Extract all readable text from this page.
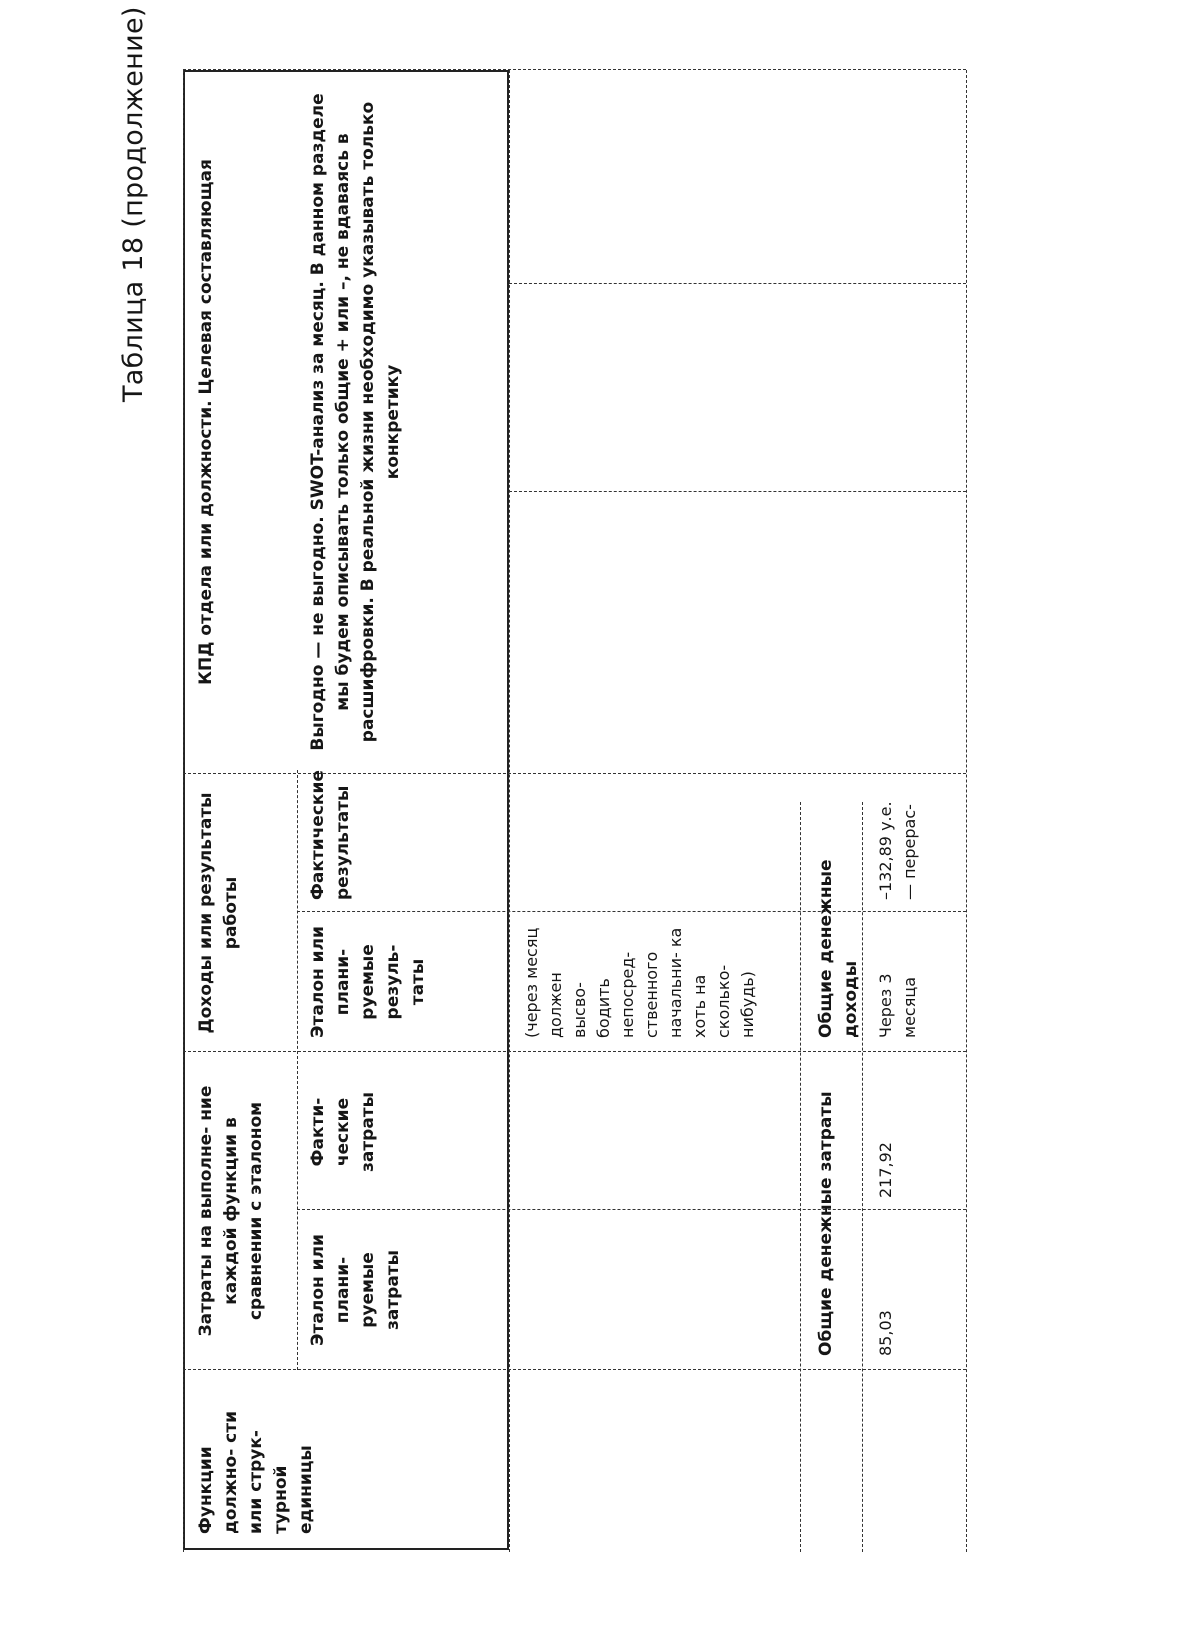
Таблица 18 (продолжение)
Функции должно- сти или струк- турной единицы
Затраты на выполне- ние каждой функции в сравнении с эталоном	Эталон или плани- руемые затраты
Факти- ческие затраты
Доходы или результаты работы
Эталон или плани- руемые резуль- таты
Фактические результаты
КПД отдела или должности. Целевая составляющая	Выгодно — не выгодно. SWOT-анализ за месяц. В данном разделе мы будем описывать только общие + или –, не вдаваясь в расшифровки. В реальной жизни необходимо указывать только конкретику
(через месяц должен высво- бодить непосред- ственного начальни- ка хоть на сколько- нибудь)
Общие денежные затраты
Общие денежные доходы
85,03
217,92
Через 3 месяца
–132,89 у.е. — перерас-
